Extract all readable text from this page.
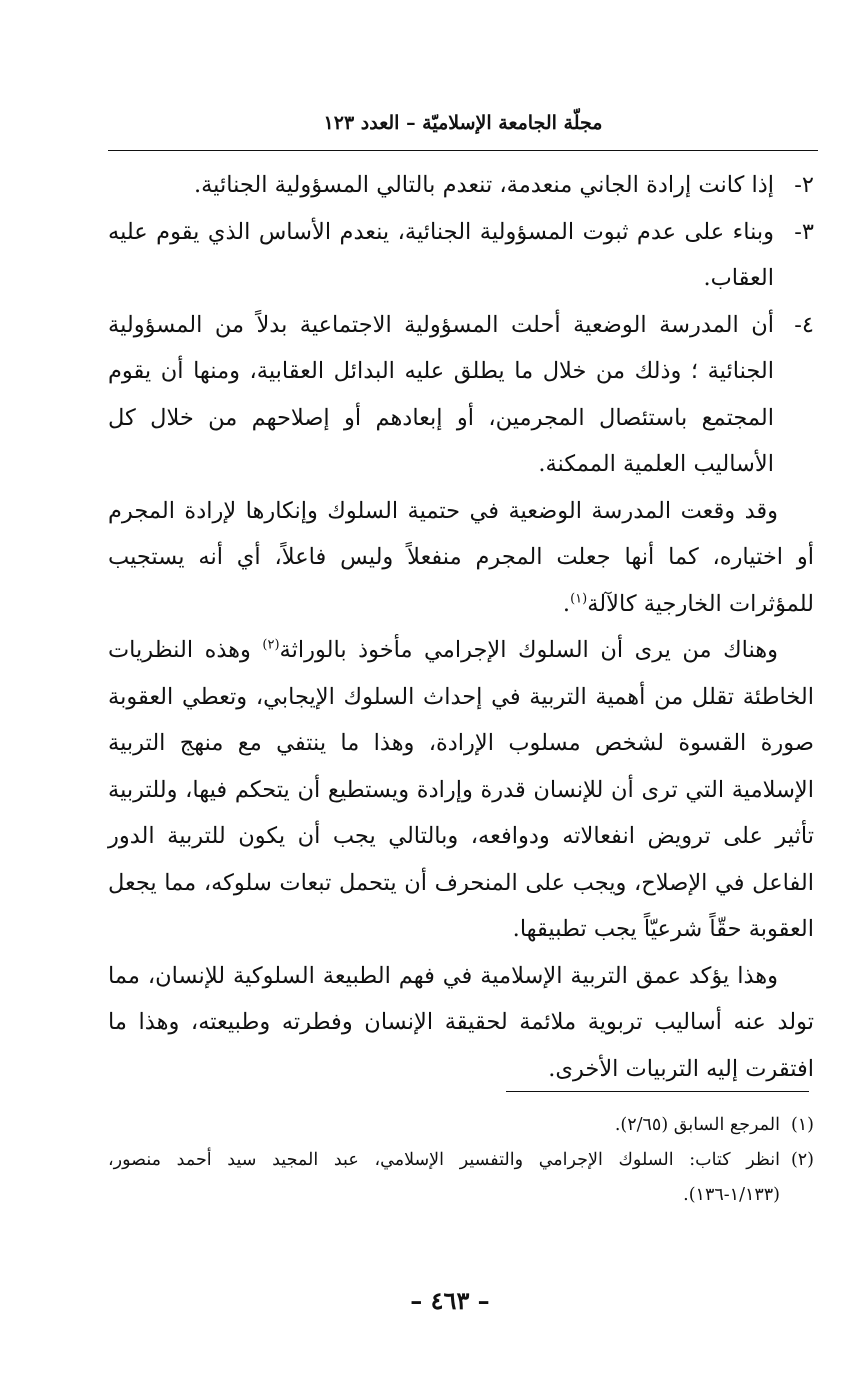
مجلّة الجامعة الإسلاميّة – العدد ١٢٣
٢-
إذا كانت إرادة الجاني منعدمة، تنعدم بالتالي المسؤولية الجنائية.
٣-
وبناء على عدم ثبوت المسؤولية الجنائية، ينعدم الأساس الذي يقوم عليه العقاب.
٤-
أن المدرسة الوضعية أحلت المسؤولية الاجتماعية بدلاً من المسؤولية الجنائية ؛ وذلك من خلال ما يطلق عليه البدائل العقابية، ومنها أن يقوم المجتمع باستئصال المجرمين، أو إبعادهم أو إصلاحهم من خلال كل الأساليب العلمية الممكنة.

وقد وقعت المدرسة الوضعية في حتمية السلوك وإنكارها لإرادة المجرم أو اختياره، كما أنها جعلت المجرم منفعلاً وليس فاعلاً، أي أنه يستجيب للمؤثرات الخارجية كالآلة$^{(١)}$.

وهناك من يرى أن السلوك الإجرامي مأخوذ بالوراثة$^{(٢)}$ وهذه النظريات الخاطئة تقلل من أهمية التربية في إحداث السلوك الإيجابي، وتعطي العقوبة صورة القسوة لشخص مسلوب الإرادة، وهذا ما ينتفي مع منهج التربية الإسلامية التي ترى أن للإنسان قدرة وإرادة ويستطيع أن يتحكم فيها، وللتربية تأثير على ترويض انفعالاته ودوافعه، وبالتالي يجب أن يكون للتربية الدور الفاعل في الإصلاح، ويجب على المنحرف أن يتحمل تبعات سلوكه، مما يجعل العقوبة حقّاً شرعيّاً يجب تطبيقها.

وهذا يؤكد عمق التربية الإسلامية في فهم الطبيعة السلوكية للإنسان، مما تولد عنه أساليب تربوية ملائمة لحقيقة الإنسان وفطرته وطبيعته، وهذا ما افتقرت إليه التربيات الأخرى.

(١)
المرجع السابق (٢/٦٥).

(٢)
انظر كتاب: السلوك الإجرامي والتفسير الإسلامي، عبد المجيد سيد أحمد منصور، (١/١٣٣-١٣٦).

– ٤٦٣ –
